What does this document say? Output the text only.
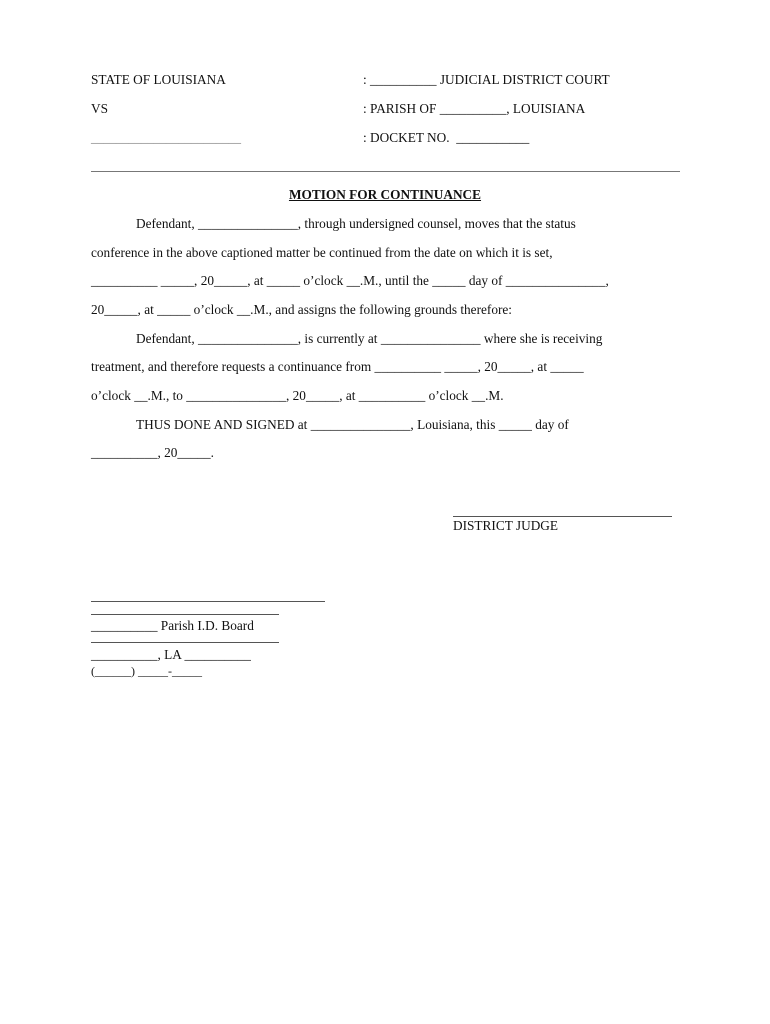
STATE OF LOUISIANA
VS
________________________
: __________ JUDICIAL DISTRICT COURT
: PARISH OF __________, LOUISIANA
: DOCKET NO.  ___________
MOTION FOR CONTINUANCE
Defendant, _______________, through undersigned counsel, moves that the status
conference in the above captioned matter be continued from the date on which it is set,
__________ _____, 20_____, at _____ o’clock __.M., until the _____ day of _______________,
20_____, at _____ o’clock __.M., and assigns the following grounds therefore:
Defendant, _______________, is currently at _______________ where she is receiving
treatment, and therefore requests a continuance from __________ _____, 20_____, at _____
o’clock __.M., to _______________, 20_____, at __________ o’clock __.M.
THUS DONE AND SIGNED at _______________, Louisiana, this _____ day of
__________, 20_____.
DISTRICT JUDGE
__________ Parish I.D. Board
__________, LA __________
(______) _____-_____
